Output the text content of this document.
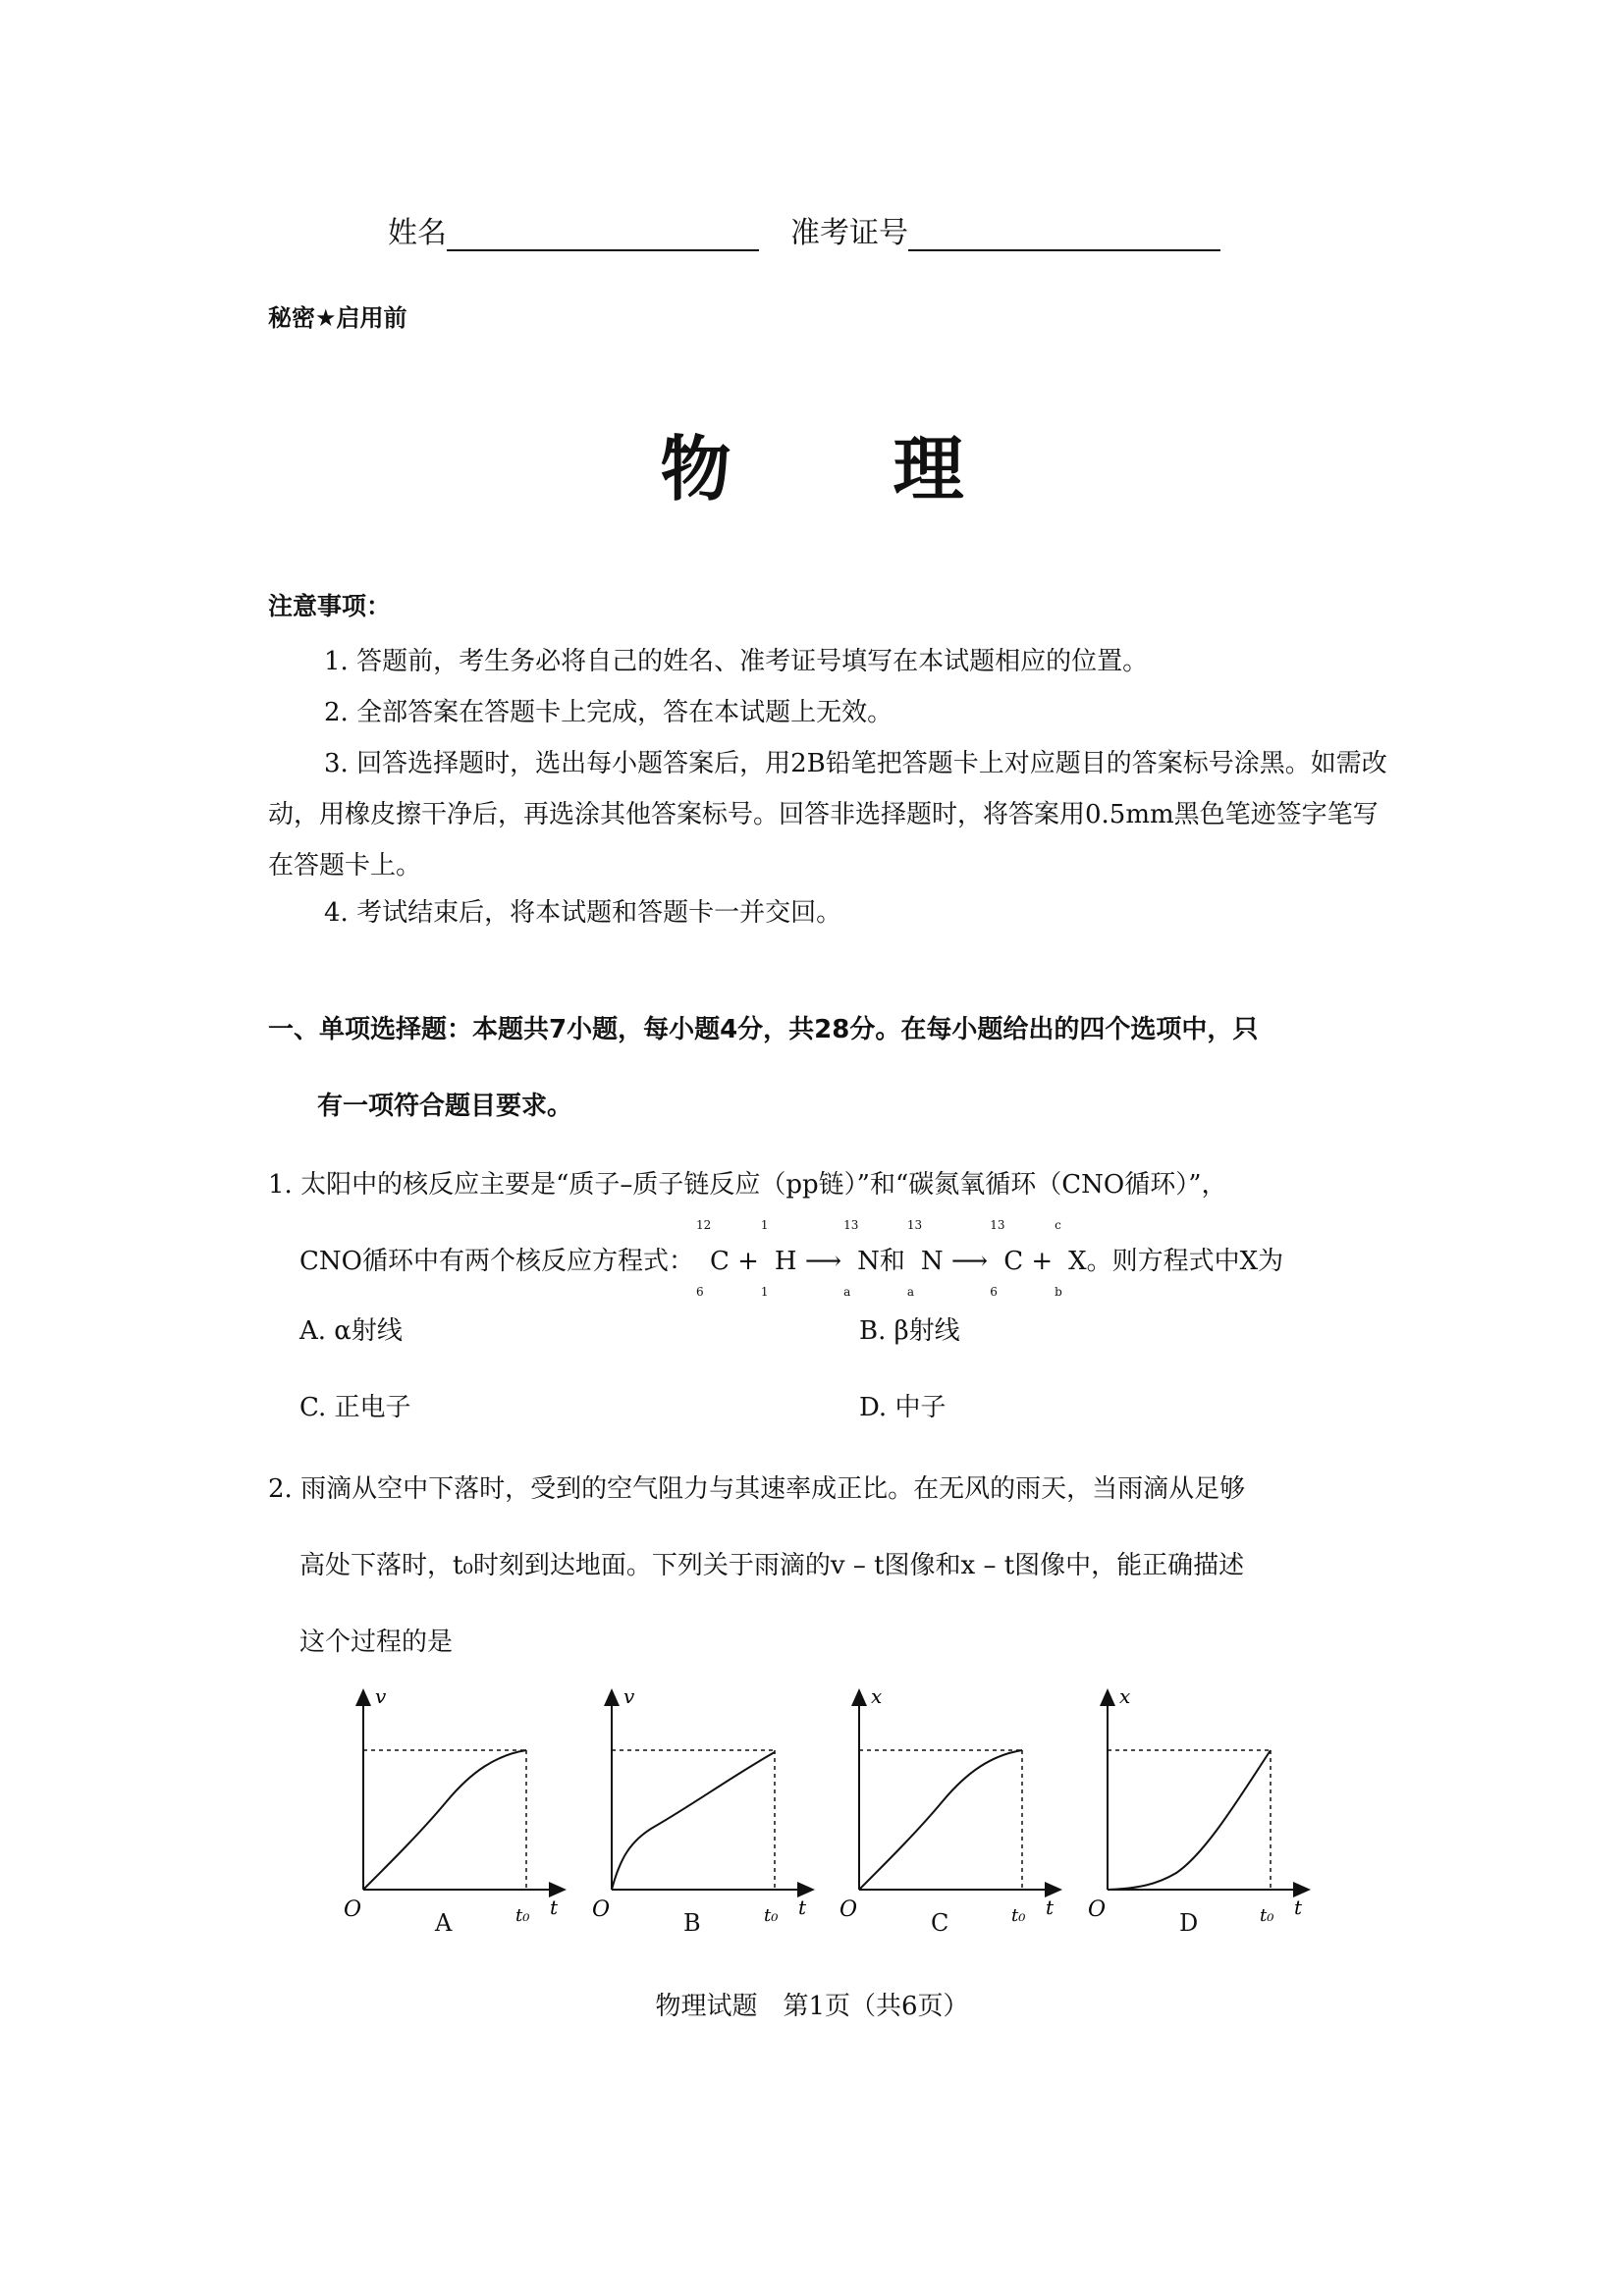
姓名	准考证号
秘密★启用前
物 理
注意事项：
1. 答题前，考生务必将自己的姓名、准考证号填写在本试题相应的位置。
2. 全部答案在答题卡上完成，答在本试题上无效。
3. 回答选择题时，选出每小题答案后，用2B铅笔把答题卡上对应题目的答案标号涂黑。如需改动，用橡皮擦干净后，再选涂其他答案标号。回答非选择题时，将答案用0.5mm黑色笔迹签字笔写在答题卡上。
4. 考试结束后，将本试题和答题卡一并交回。
一、单项选择题：本题共7小题，每小题4分，共28分。在每小题给出的四个选项中，只
有一项符合题目要求。
1. 太阳中的核反应主要是“质子–质子链反应（pp链）”和“碳氮氧循环（CNO循环）”，
CNO循环中有两个核反应方程式：
12
6
C +
1
1
H ⟶
13
a
N和
13
a
N ⟶
13
6
C +
c
b
X。则方程式中X为
A. α射线	B. β射线
C. 正电子	D. 中子
2. 雨滴从空中下落时，受到的空气阻力与其速率成正比。在无风的雨天，当雨滴从足够
高处下落时，t₀时刻到达地面。下列关于雨滴的v – t图像和x – t图像中，能正确描述
这个过程的是
v
O	t₀ t
v
O	t₀ t
x
O	t₀ t
x
O	t₀ t
A	B	C	D
物理试题　第1页（共6页）
